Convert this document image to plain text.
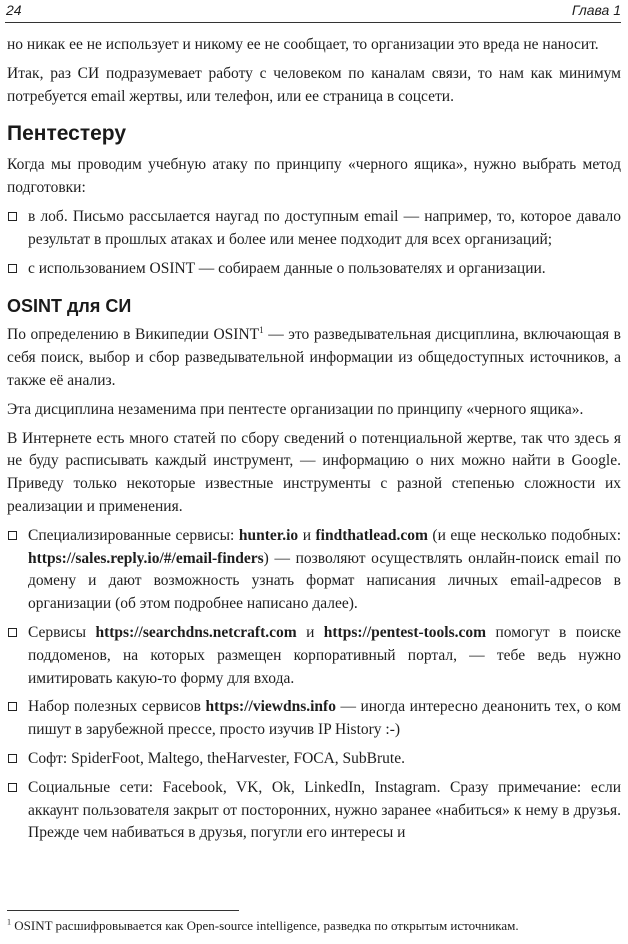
24	Глава 1

но никак ее не использует и никому ее не сообщает, то организации это вреда не наносит.

Итак, раз СИ подразумевает работу с человеком по каналам связи, то нам как минимум потребуется email жертвы, или телефон, или ее страница в соцсети.

Пентестеру

Когда мы проводим учебную атаку по принципу «черного ящика», нужно выбрать метод подготовки:

в лоб. Письмо рассылается наугад по доступным email — например, то, которое давало результат в прошлых атаках и более или менее подходит для всех организаций;
с использованием OSINT — собираем данные о пользователях и организации.
OSINT для СИ

По определению в Википедии OSINT$^1$ — это разведывательная дисциплина, включающая в себя поиск, выбор и сбор разведывательной информации из общедоступных источников, а также её анализ.

Эта дисциплина незаменима при пентесте организации по принципу «черного ящика».

В Интернете есть много статей по сбору сведений о потенциальной жертве, так что здесь я не буду расписывать каждый инструмент, — информацию о них можно найти в Google. Приведу только некоторые известные инструменты с разной степенью сложности их реализации и применения.

Специализированные сервисы: hunter.io и findthatlead.com (и еще несколько подобных: https://sales.reply.io/#/email-finders) — позволяют осуществлять онлайн-поиск email по домену и дают возможность узнать формат написания личных email-адресов в организации (об этом подробнее написано далее).
Сервисы https://searchdns.netcraft.com и https://pentest-tools.com помогут в поиске поддоменов, на которых размещен корпоративный портал, — тебе ведь нужно имитировать какую-то форму для входа.
Набор полезных сервисов https://viewdns.info — иногда интересно деанонить тех, о ком пишут в зарубежной прессе, просто изучив IP History :-)
Софт: SpiderFoot, Maltego, theHarvester, FOCA, SubBrute.
Социальные сети: Facebook, VK, Ok, LinkedIn, Instagram. Сразу примечание: если аккаунт пользователя закрыт от посторонних, нужно заранее «набиться» к нему в друзья. Прежде чем набиваться в друзья, погугли его интересы и
$^1$ OSINT расшифровывается как Open-source intelligence, разведка по открытым источникам.
